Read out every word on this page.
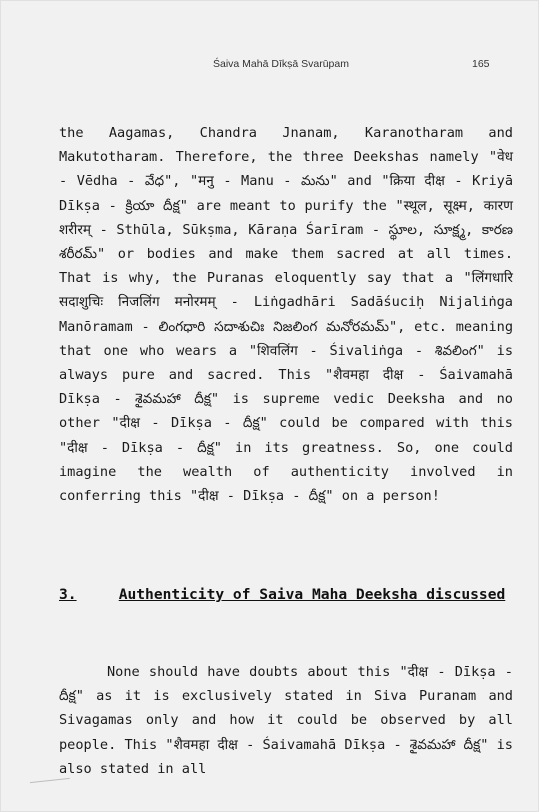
Śaiva Mahā Dīkṣā Svarūpam	165

the Aagamas, Chandra Jnanam, Karanotharam and Makutotharam. Therefore, the three Deekshas namely "वेध - Vēdha - వేధ", "मनु - Manu - మను" and "क्रिया दीक्ष - Kriyā Dīkṣa - క్రియా దీక్ష" are meant to purify the "स्थूल, सूक्ष्म, कारण शरीरम् - Sthūla, Sūkṣma, Kāraṇa Śarīram - స్థూల, సూక్ష్మ, కారణ శరీరమ్" or bodies and make them sacred at all times. That is why, the Puranas eloquently say that a "लिंगधारि सदाशुचिः निजलिंग मनोरमम् - Liṅgadhāri Sadāśuciḥ Nijaliṅga Manōramam - లింగధారి సదాశుచిః నిజలింగ మనోరమమ్", etc. meaning that one who wears a "शिवलिंग - Śivaliṅga - శివలింగ" is always pure and sacred. This "शैवमहा दीक्ष - Śaivamahā Dīkṣa - శైవమహా దీక్ష" is supreme vedic Deeksha and no other "दीक्ष - Dīkṣa - దీక్ష" could be compared with this "दीक्ष - Dīkṣa - దీక్ష" in its greatness. So, one could imagine the wealth of authenticity involved in conferring this "दीक्ष - Dīkṣa - దీక్ష" on a person!

3.	Authenticity of Saiva Maha Deeksha discussed

None should have doubts about this "दीक्ष - Dīkṣa - దీక్ష" as it is exclusively stated in Siva Puranam and Sivagamas only and how it could be observed by all people. This "शैवमहा दीक्ष - Śaivamahā Dīkṣa - శైవమహా దీక్ష" is also stated in all
